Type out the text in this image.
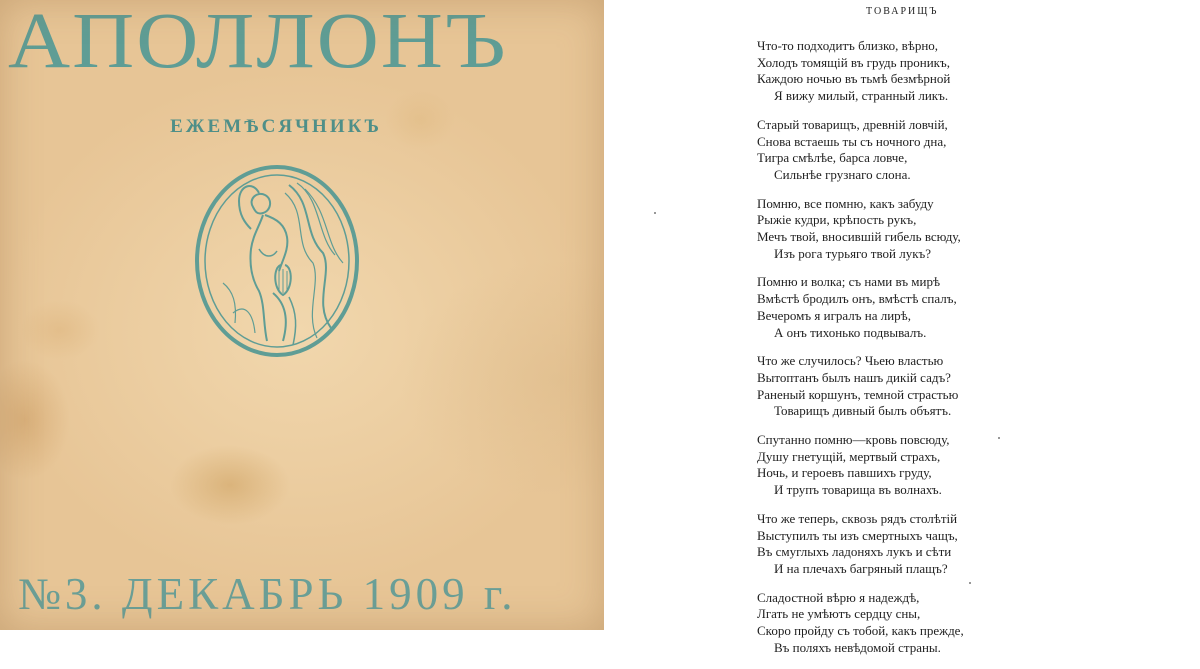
АПОЛЛОНЪ
ЕЖЕМѢСЯЧНИКЪ
№3. ДЕКАБРЬ 1909 г.
ТОВАРИЩЪ
Что-то подходитъ близко, вѣрно,
Холодъ томящій въ грудь проникъ,
Каждою ночью въ тьмѣ безмѣрной
Я вижу милый, странный ликъ.
Старый товарищъ, древній ловчій,
Снова встаешь ты съ ночного дна,
Тигра смѣлѣе, барса ловче,
Сильнѣе грузнаго слона.
Помню, все помню, какъ забуду
Рыжіе кудри, крѣпость рукъ,
Мечъ твой, вносившій гибель всюду,
Изъ рога турьяго твой лукъ?
Помню и волка; съ нами въ мирѣ
Вмѣстѣ бродилъ онъ, вмѣстѣ спалъ,
Вечеромъ я игралъ на лирѣ,
А онъ тихонько подвывалъ.
Что же случилось? Чьею властью
Вытоптанъ былъ нашъ дикій садъ?
Раненый коршунъ, темной страстью
Товарищъ дивный былъ объятъ.
Спутанно помню—кровь повсюду,
Душу гнетущій, мертвый страхъ,
Ночь, и героевъ павшихъ груду,
И трупъ товарища въ волнахъ.
Что же теперь, сквозь рядъ столѣтій
Выступилъ ты изъ смертныхъ чащъ,
Въ смуглыхъ ладоняхъ лукъ и сѣти
И на плечахъ багряный плащъ?
Сладостной вѣрю я надеждѣ,
Лгать не умѣютъ сердцу сны,
Скоро пройду съ тобой, какъ прежде,
Въ поляхъ невѣдомой страны.
